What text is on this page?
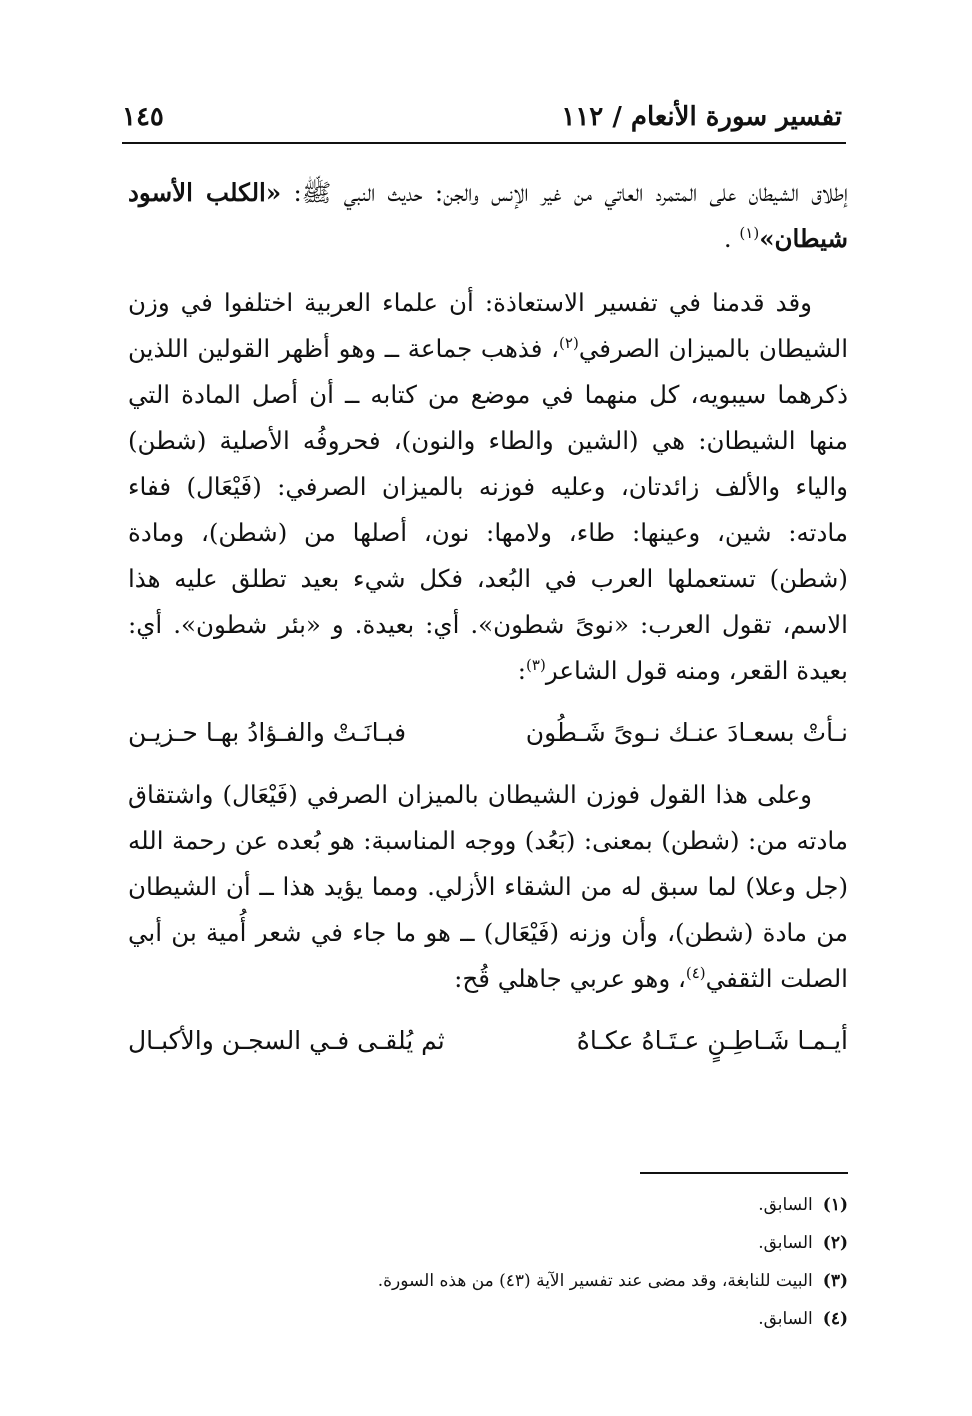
تفسير سورة الأنعام / ١١٢
١٤٥

إطلاق الشيطان على المتمرد العاتي من غير الإنس والجن: حديث النبي ﷺ: «الكلب الأسود شيطان»$^{(١)}$ .

وقد قدمنا في تفسير الاستعاذة: أن علماء العربية اختلفوا في وزن الشيطان بالميزان الصرفي$^{(٢)}$، فذهب جماعة ــ وهو أظهر القولين اللذين ذكرهما سيبويه، كل منهما في موضع من كتابه ــ أن أصل المادة التي منها الشيطان: هي (الشين والطاء والنون)، فحروفُه الأصلية (شطن) والياء والألف زائدتان، وعليه فوزنه بالميزان الصرفي: (فَيْعَال) ففاء مادته: شين، وعينها: طاء، ولامها: نون، أصلها من (شطن)، ومادة (شطن) تستعملها العرب في البُعد، فكل شيء بعيد تطلق عليه هذا الاسم، تقول العرب: «نوىً شطون». أي: بعيدة. و «بئر شطون». أي: بعيدة القعر، ومنه قول الشاعر$^{(٣)}$:

نـأتْ بسعـادَ عنـك نـوىً شَـطُون
فبـانَـتْ والفـؤادُ بهـا حـزيـن

وعلى هذا القول فوزن الشيطان بالميزان الصرفي (فَيْعَال) واشتقاق مادته من: (شطن) بمعنى: (بَعُد) ووجه المناسبة: هو بُعده عن رحمة الله (جل وعلا) لما سبق له من الشقاء الأزلي. ومما يؤيد هذا ــ أن الشيطان من مادة (شطن)، وأن وزنه (فَيْعَال) ــ هو ما جاء في شعر أُمية بن أبي الصلت الثقفي$^{(٤)}$، وهو عربي جاهلي قُح:

أيـمـا شَـاطِـنٍ عـتَـاهُ عكـاهُ
ثم يُلقـى فـي السجـن والأكبـال
(١)
السابق.
(٢)
السابق.
(٣)
البيت للنابغة، وقد مضى عند تفسير الآية (٤٣) من هذه السورة.
(٤)
السابق.
